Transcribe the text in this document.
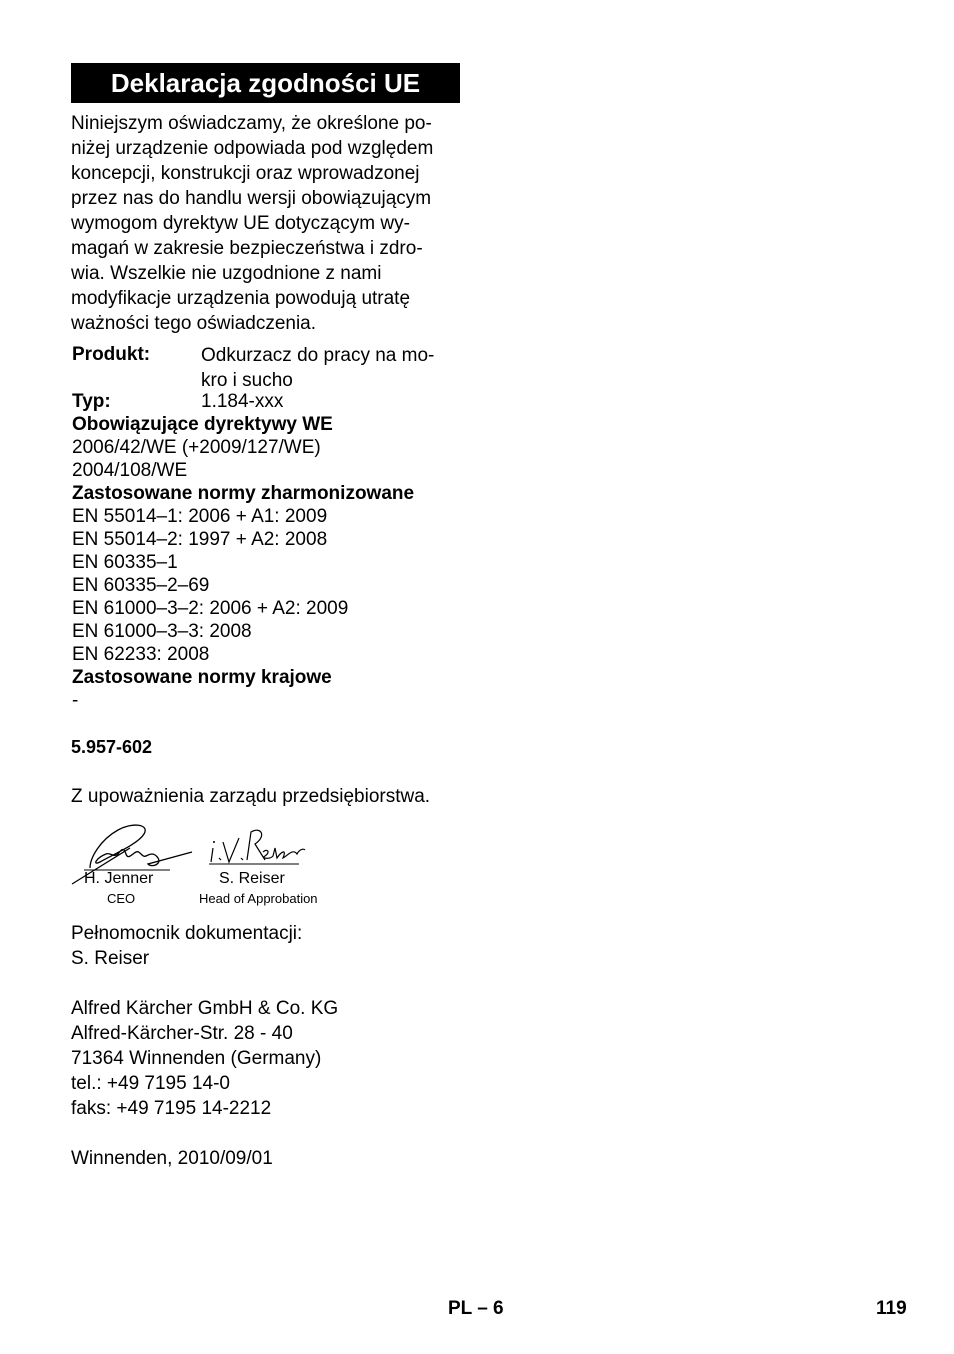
Deklaracja zgodności UE
Niniejszym oświadczamy, że określone po-
niżej urządzenie odpowiada pod względem
koncepcji, konstrukcji oraz wprowadzonej
przez nas do handlu wersji obowiązującym
wymogom dyrektyw UE dotyczącym wy-
magań w zakresie bezpieczeństwa i zdro-
wia. Wszelkie nie uzgodnione z nami
modyfikacje urządzenia powodują utratę
ważności tego oświadczenia.
Produkt:	Odkurzacz do pracy na mo-
kro i sucho
Typ:	1.184-xxx
Obowiązujące dyrektywy WE
2006/42/WE (+2009/127/WE)
2004/108/WE
Zastosowane normy zharmonizowane
EN 55014–1: 2006 + A1: 2009
EN 55014–2: 1997 + A2: 2008
EN 60335–1
EN 60335–2–69
EN 61000–3–2: 2006 + A2: 2009
EN 61000–3–3: 2008
EN 62233: 2008
Zastosowane normy krajowe
-
5.957-602
Z upoważnienia zarządu przedsiębiorstwa.
H. Jenner
CEO
S. Reiser
Head of Approbation
Pełnomocnik dokumentacji:
S. Reiser
Alfred Kärcher GmbH & Co. KG
Alfred-Kärcher-Str. 28 - 40
71364 Winnenden (Germany)
tel.: +49 7195 14-0
faks: +49 7195 14-2212
Winnenden, 2010/09/01
PL – 6	119
